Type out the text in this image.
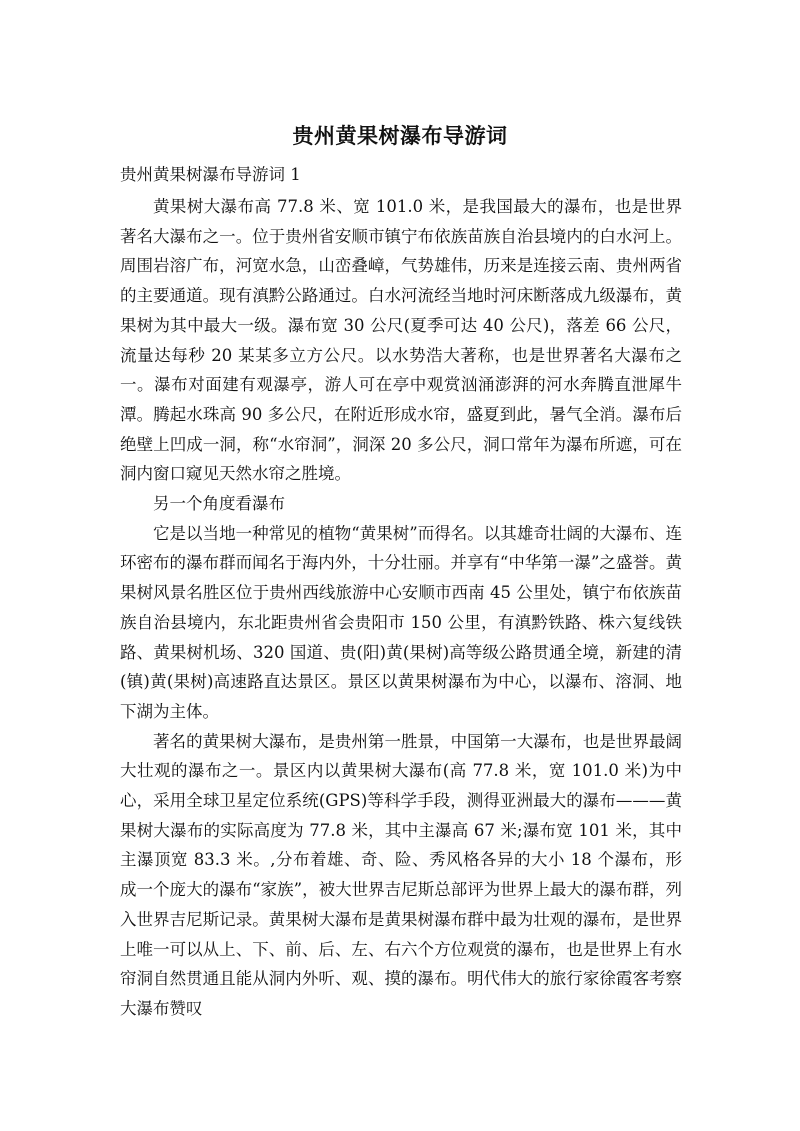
贵州黄果树瀑布导游词
贵州黄果树瀑布导游词 1

黄果树大瀑布高 77.8 米、宽 101.0 米，是我国最大的瀑布，也是世界著名大瀑布之一。位于贵州省安顺市镇宁布依族苗族自治县境内的白水河上。周围岩溶广布，河宽水急，山峦叠嶂，气势雄伟，历来是连接云南、贵州两省的主要通道。现有滇黔公路通过。白水河流经当地时河床断落成九级瀑布，黄果树为其中最大一级。瀑布宽 30 公尺(夏季可达 40 公尺)，落差 66 公尺，流量达每秒 20 某某多立方公尺。以水势浩大著称，也是世界著名大瀑布之一。瀑布对面建有观瀑亭，游人可在亭中观赏汹涌澎湃的河水奔腾直泄犀牛潭。腾起水珠高 90 多公尺，在附近形成水帘，盛夏到此，暑气全消。瀑布后绝壁上凹成一洞，称“水帘洞”，洞深 20 多公尺，洞口常年为瀑布所遮，可在洞内窗口窥见天然水帘之胜境。

另一个角度看瀑布

它是以当地一种常见的植物“黄果树”而得名。以其雄奇壮阔的大瀑布、连环密布的瀑布群而闻名于海内外，十分壮丽。并享有“中华第一瀑”之盛誉。黄果树风景名胜区位于贵州西线旅游中心安顺市西南 45 公里处，镇宁布依族苗族自治县境内，东北距贵州省会贵阳市 150 公里，有滇黔铁路、株六复线铁路、黄果树机场、320 国道、贵(阳)黄(果树)高等级公路贯通全境，新建的清(镇)黄(果树)高速路直达景区。景区以黄果树瀑布为中心，以瀑布、溶洞、地下湖为主体。

著名的黄果树大瀑布，是贵州第一胜景，中国第一大瀑布，也是世界最阔大壮观的瀑布之一。景区内以黄果树大瀑布(高 77.8 米，宽 101.0 米)为中心，采用全球卫星定位系统(GPS)等科学手段，测得亚洲最大的瀑布———黄果树大瀑布的实际高度为 77.8 米，其中主瀑高 67 米;瀑布宽 101 米，其中主瀑顶宽 83.3 米。,分布着雄、奇、险、秀风格各异的大小 18 个瀑布，形成一个庞大的瀑布“家族”，被大世界吉尼斯总部评为世界上最大的瀑布群，列入世界吉尼斯记录。黄果树大瀑布是黄果树瀑布群中最为壮观的瀑布，是世界上唯一可以从上、下、前、后、左、右六个方位观赏的瀑布，也是世界上有水帘洞自然贯通且能从洞内外听、观、摸的瀑布。明代伟大的旅行家徐霞客考察大瀑布赞叹
